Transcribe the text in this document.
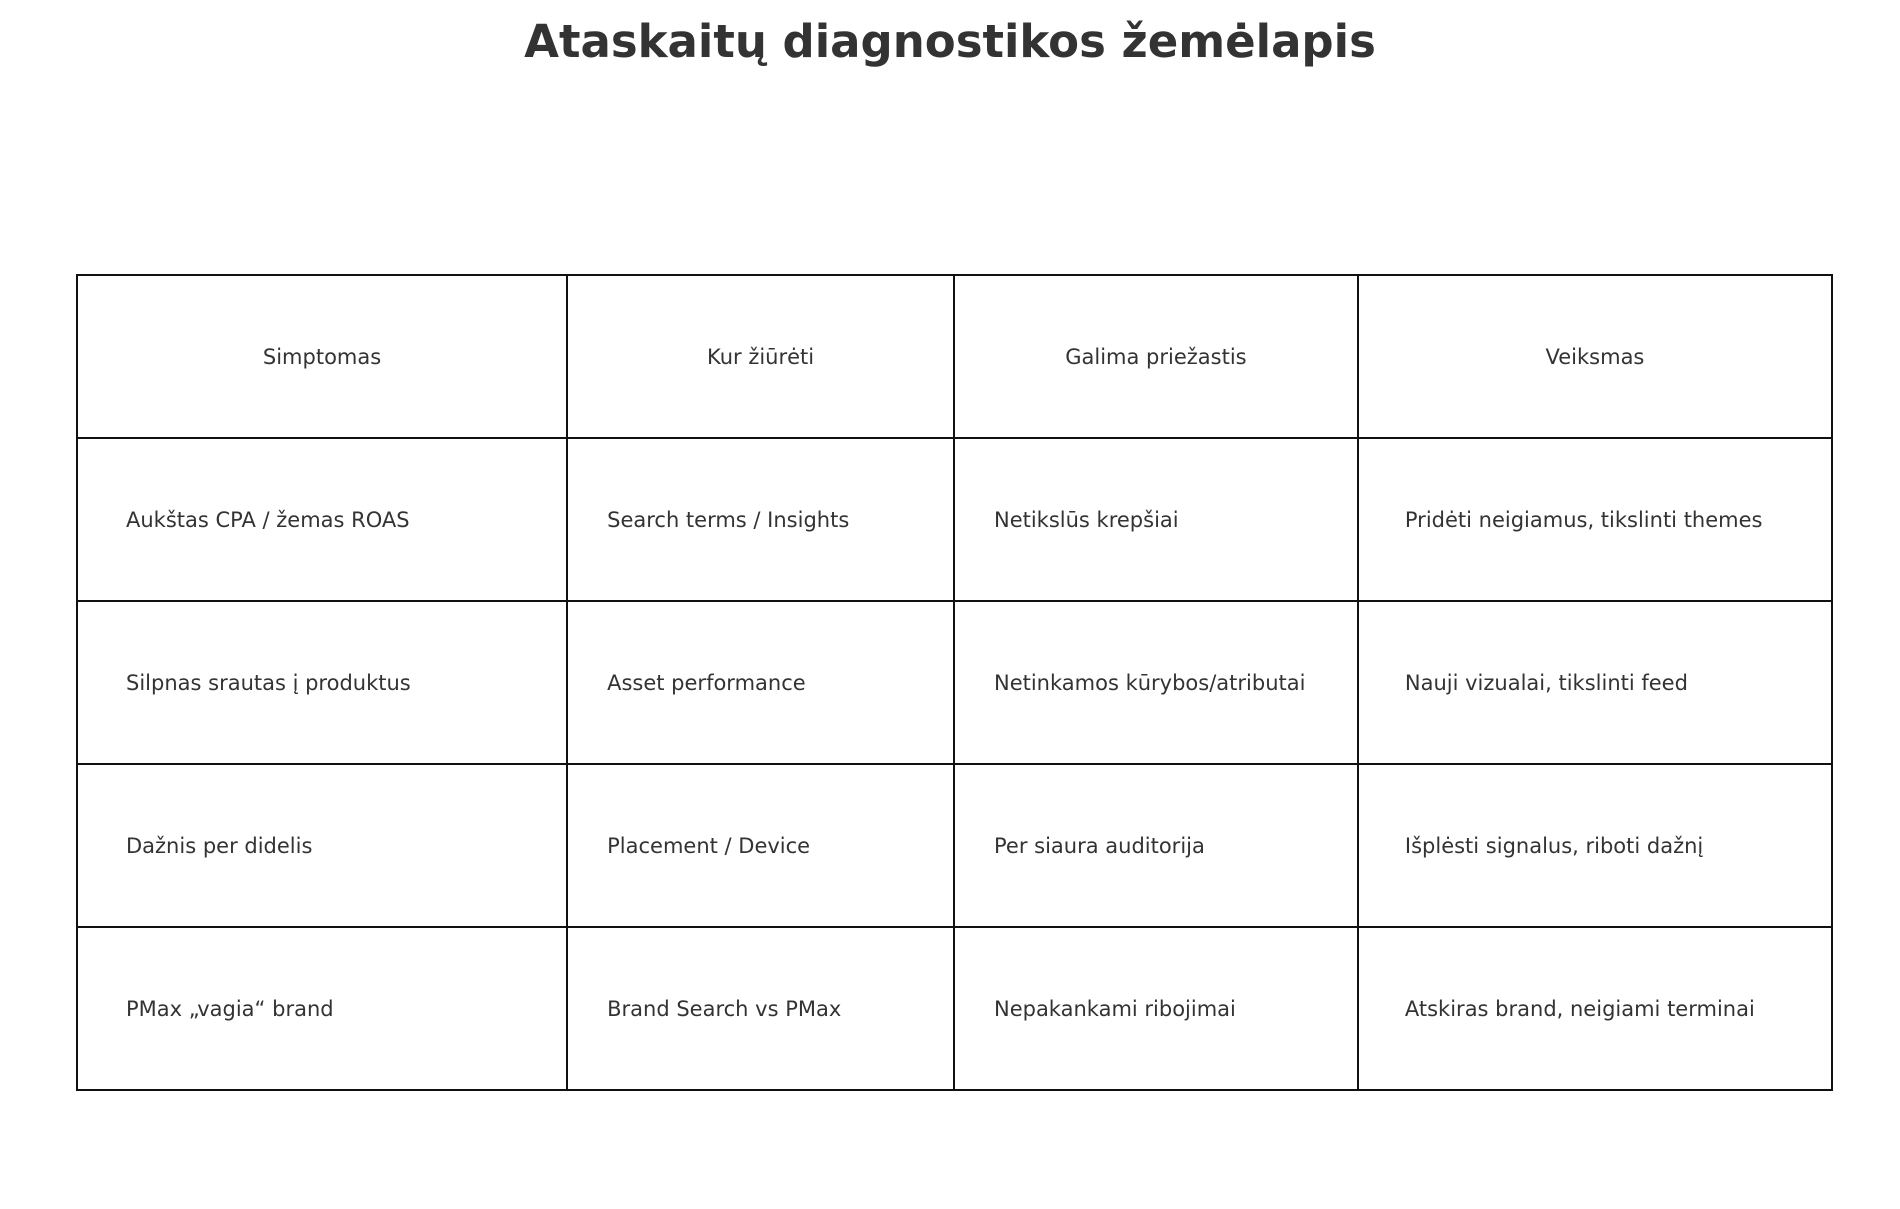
Ataskaitų diagnostikos žemėlapis
Simptomas	Kur žiūrėti	Galima priežastis	Veiksmas
Aukštas CPA / žemas ROAS	Search terms / Insights	Netikslūs krepšiai	Pridėti neigiamus, tikslinti themes
Silpnas srautas į produktus	Asset performance	Netinkamos kūrybos/atributai	Nauji vizualai, tikslinti feed
Dažnis per didelis	Placement / Device	Per siaura auditorija	Išplėsti signalus, riboti dažnį
PMax „vagia“ brand	Brand Search vs PMax	Nepakankami ribojimai	Atskiras brand, neigiami terminai
